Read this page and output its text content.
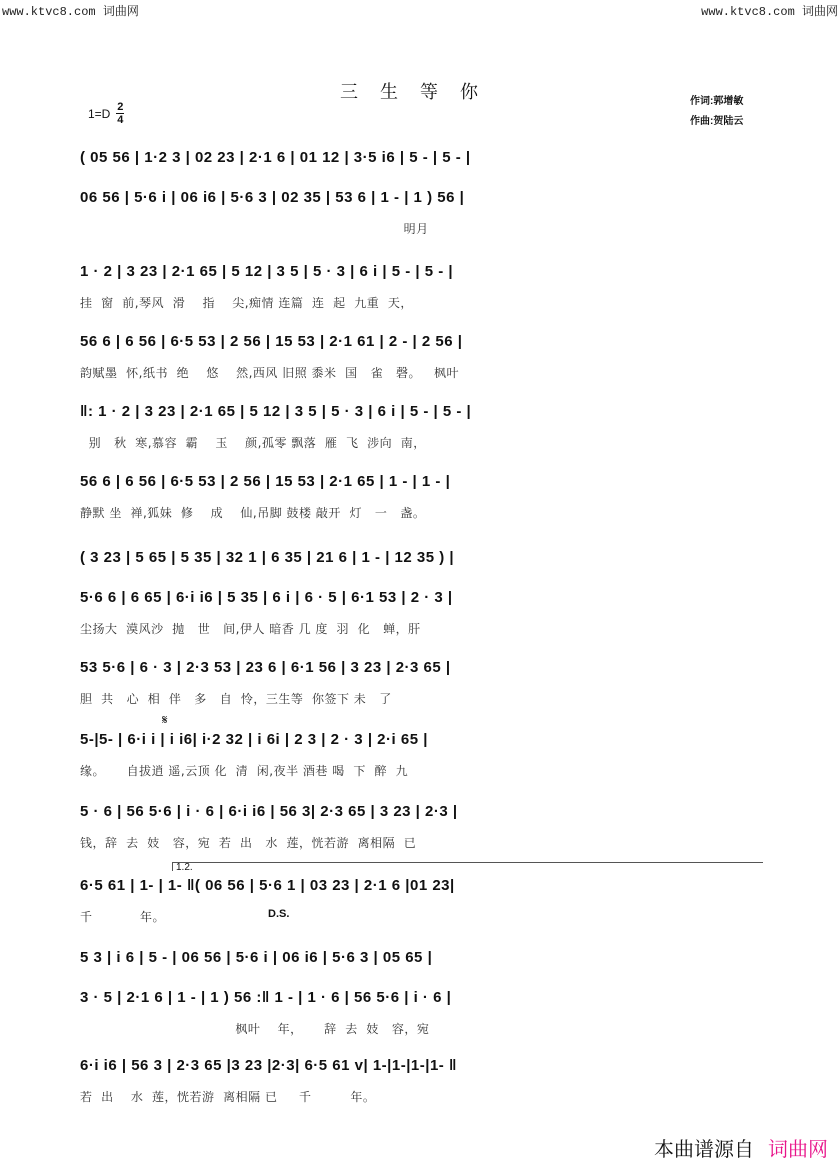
www.ktvc8.com 词曲网	www.ktvc8.com 词曲网
三生等你
$1=D \frac{2}{4}$
作词:郭增敏
作曲:贺陆云
𝄋
1.2.
D.S.
( 05 56 | 1·2 3 | 02 23 | 2·1 6 | 01 12 | 3·5 i6 | 5 - | 5 - |
06 56 | 5·6 i | 06 i6 | 5·6 3 | 02 35 | 53 6 | 1 - | 1 ) 56 |
明月
1 · 2 | 3 23 | 2·1 65 | 5 12 | 3 5 | 5 · 3 | 6 i | 5 - | 5 - |
挂  窗  前,琴风  滑    指    尖,痴情 连篇  连  起  九重  天，
56 6 | 6 56 | 6·5 53 | 2 56 | 15 53 | 2·1 61 | 2 - | 2 56 |
韵赋墨  怀,纸书  绝    悠    然,西风 旧照 黍米  国   雀   磬。   枫叶
‖: 1 · 2 | 3 23 | 2·1 65 | 5 12 | 3 5 | 5 · 3 | 6 i | 5 - | 5 - |
别   秋  寒,慕容  霸    玉    颜,孤零 飘落  雁  飞  涉向  南，
56 6 | 6 56 | 6·5 53 | 2 56 | 15 53 | 2·1 65 | 1 - | 1 - |
静默 坐  禅,狐妹  修    成    仙,吊脚 鼓楼 敲开  灯   一   盏。
( 3 23 | 5 65 | 5 35 | 32 1 | 6 35 | 21 6 | 1 - | 12 35 ) |
5·6 6 | 6 65 | 6·i i6 | 5 35 | 6 i | 6 · 5 | 6·1 53 | 2 · 3 |
尘扬大  漠风沙  抛   世   间,伊人 暗香 几 度  羽  化   蝉，肝
53 5·6 | 6 · 3 | 2·3 53 | 23 6 | 6·1 56 | 3 23 | 2·3 65 |
胆  共   心  相  伴   多   自  怜，三生等  你签下 未   了
5-|5- | 6·i i | i i6| i·2 32 | i 6i | 2 3 | 2 · 3 | 2·i 65 |
缘。     自拔逍 遥,云顶 化  清  闲,夜半 酒巷 喝  下  醉  九
5 · 6 | 56 5·6 | i · 6 | 6·i i6 | 56 3| 2·3 65 | 3 23 | 2·3 |
钱，辞  去  妓   容，宛  若  出   水  莲，恍若游  离相隔  已
6·5 61 | 1- | 1- ‖( 06 56 | 5·6 1 | 03 23 | 2·1 6 |01 23|
千           年。
5 3 | i 6 | 5 - | 06 56 | 5·6 i | 06 i6 | 5·6 3 | 05 65 |
3 · 5 | 2·1 6 | 1 - | 1 ) 56 :‖ 1 - | 1 · 6 | 56 5·6 | i · 6 |
枫叶    年，     辞  去  妓   容，宛
6·i i6 | 56 3 | 2·3 65 |3 23 |2·3| 6·5 61 v| 1-|1-|1-|1- ‖
若  出    水  莲，恍若游  离相隔 已     千         年。
本曲谱源自 词曲网
